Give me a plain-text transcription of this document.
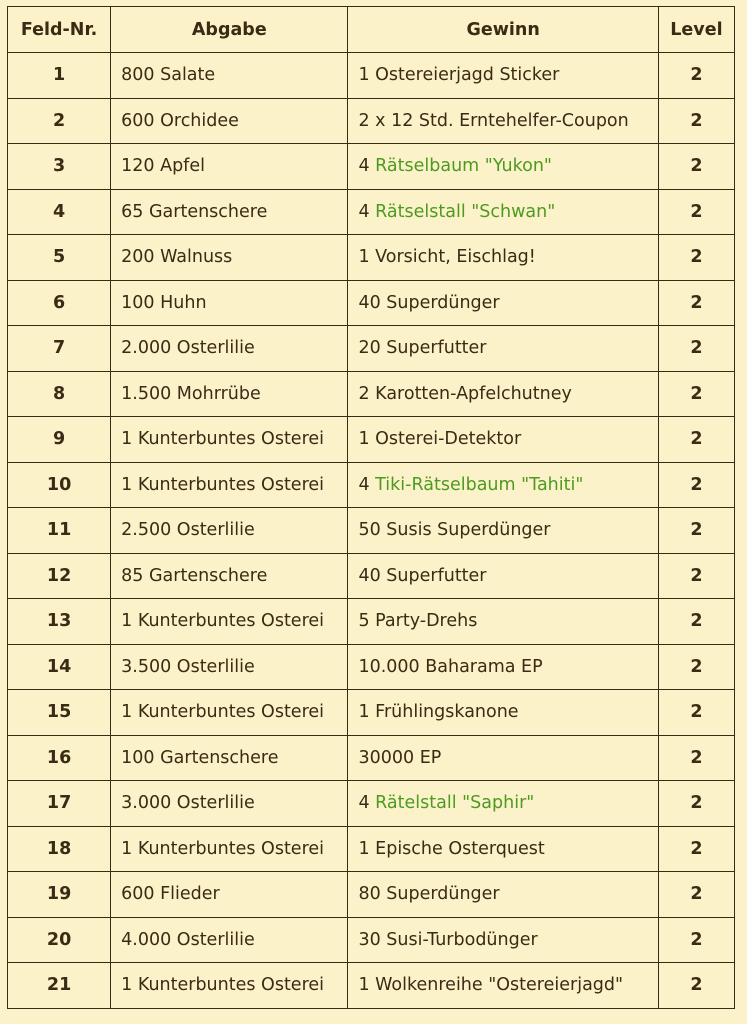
Feld-Nr.	Abgabe	Gewinn	Level
1	800 Salate	1 Ostereierjagd Sticker	2
2	600 Orchidee	2 x 12 Std. Erntehelfer-Coupon	2
3	120 Apfel	4 Rätselbaum "Yukon"	2
4	65 Gartenschere	4 Rätselstall "Schwan"	2
5	200 Walnuss	1 Vorsicht, Eischlag!	2
6	100 Huhn	40 Superdünger	2
7	2.000 Osterlilie	20 Superfutter	2
8	1.500 Mohrrübe	2 Karotten-Apfelchutney	2
9	1 Kunterbuntes Osterei	1 Osterei-Detektor	2
10	1 Kunterbuntes Osterei	4 Tiki-Rätselbaum "Tahiti"	2
11	2.500 Osterlilie	50 Susis Superdünger	2
12	85 Gartenschere	40 Superfutter	2
13	1 Kunterbuntes Osterei	5 Party-Drehs	2
14	3.500 Osterlilie	10.000 Baharama EP	2
15	1 Kunterbuntes Osterei	1 Frühlingskanone	2
16	100 Gartenschere	30000 EP	2
17	3.000 Osterlilie	4 Rätelstall "Saphir"	2
18	1 Kunterbuntes Osterei	1 Epische Osterquest	2
19	600 Flieder	80 Superdünger	2
20	4.000 Osterlilie	30 Susi-Turbodünger	2
21	1 Kunterbuntes Osterei	1 Wolkenreihe "Ostereierjagd"	2
